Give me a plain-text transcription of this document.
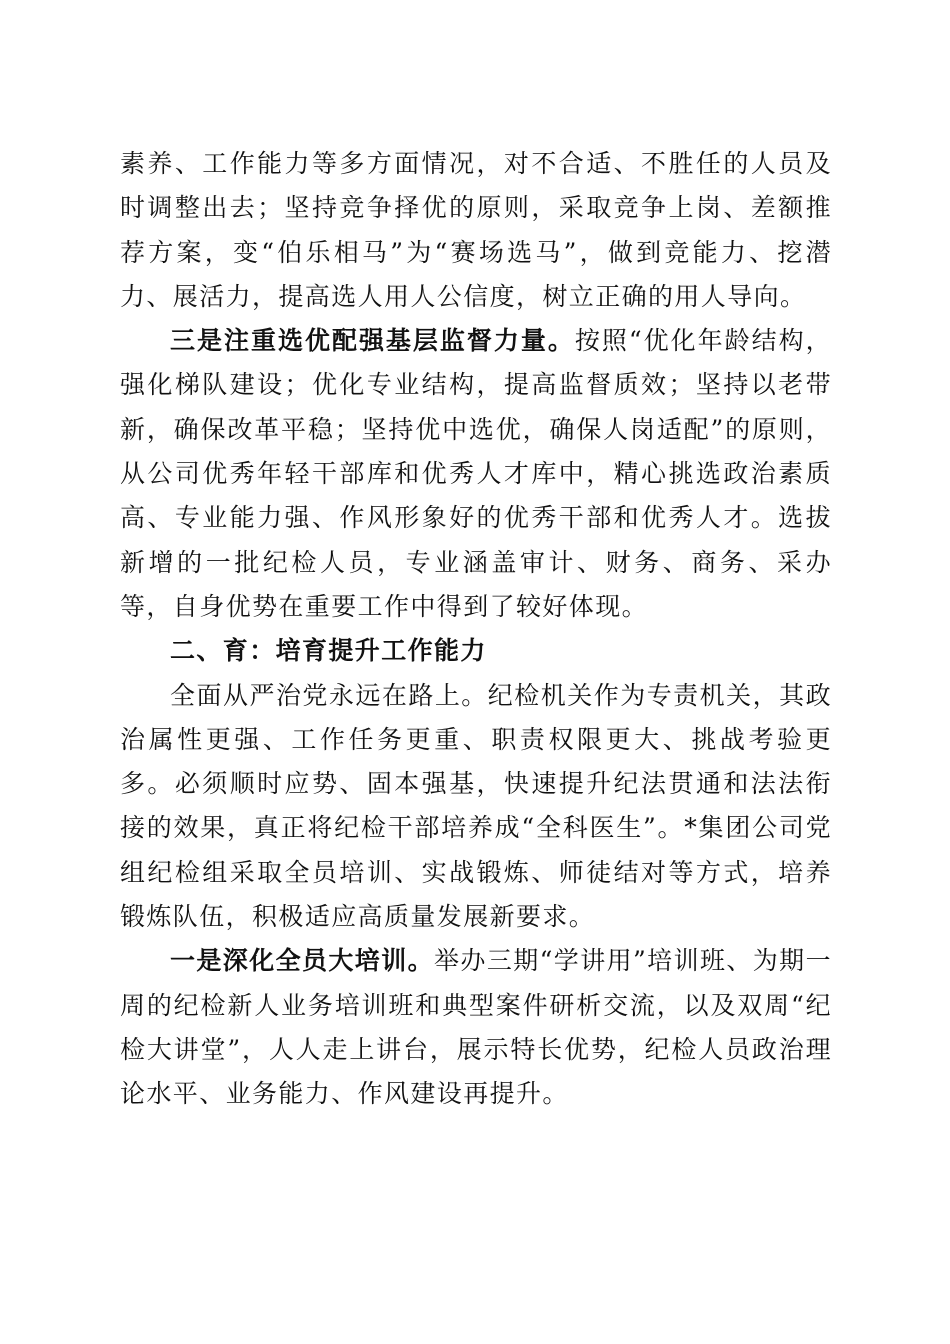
素养、工作能力等多方面情况，对不合适、不胜任的人员及时调整出去；坚持竞争择优的原则，采取竞争上岗、差额推荐方案，变“伯乐相马”为“赛场选马”，做到竞能力、挖潜力、展活力，提高选人用人公信度，树立正确的用人导向。

三是注重选优配强基层监督力量。按照“优化年龄结构，强化梯队建设；优化专业结构，提高监督质效；坚持以老带新，确保改革平稳；坚持优中选优，确保人岗适配”的原则，从公司优秀年轻干部库和优秀人才库中，精心挑选政治素质高、专业能力强、作风形象好的优秀干部和优秀人才。选拔新增的一批纪检人员，专业涵盖审计、财务、商务、采办等，自身优势在重要工作中得到了较好体现。

二、育：培育提升工作能力

全面从严治党永远在路上。纪检机关作为专责机关，其政治属性更强、工作任务更重、职责权限更大、挑战考验更多。必须顺时应势、固本强基，快速提升纪法贯通和法法衔接的效果，真正将纪检干部培养成“全科医生”。*集团公司党组纪检组采取全员培训、实战锻炼、师徒结对等方式，培养锻炼队伍，积极适应高质量发展新要求。

一是深化全员大培训。举办三期“学讲用”培训班、为期一周的纪检新人业务培训班和典型案件研析交流，以及双周“纪检大讲堂”，人人走上讲台，展示特长优势，纪检人员政治理论水平、业务能力、作风建设再提升。
